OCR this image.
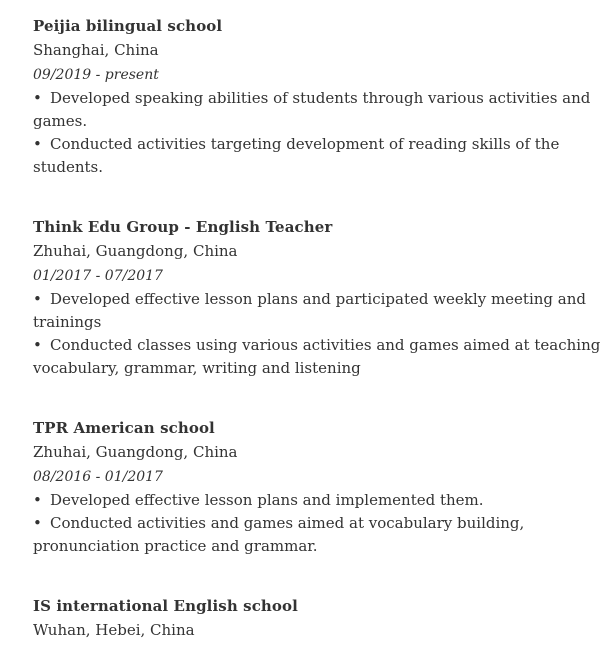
Peijia bilingual school
Shanghai, China
09/2019 - present
• Developed speaking abilities of students through various activities and games.
• Conducted activities targeting development of reading skills of the students.
Think Edu Group - English Teacher
Zhuhai, Guangdong, China
01/2017 - 07/2017
• Developed effective lesson plans and participated weekly meeting and trainings
• Conducted classes using various activities and games aimed at teaching vocabulary, grammar, writing and listening
TPR American school
Zhuhai, Guangdong, China
08/2016 - 01/2017
• Developed effective lesson plans and implemented them.
• Conducted activities and games aimed at vocabulary building, pronunciation practice and grammar.
IS international English school
Wuhan, Hebei, China
